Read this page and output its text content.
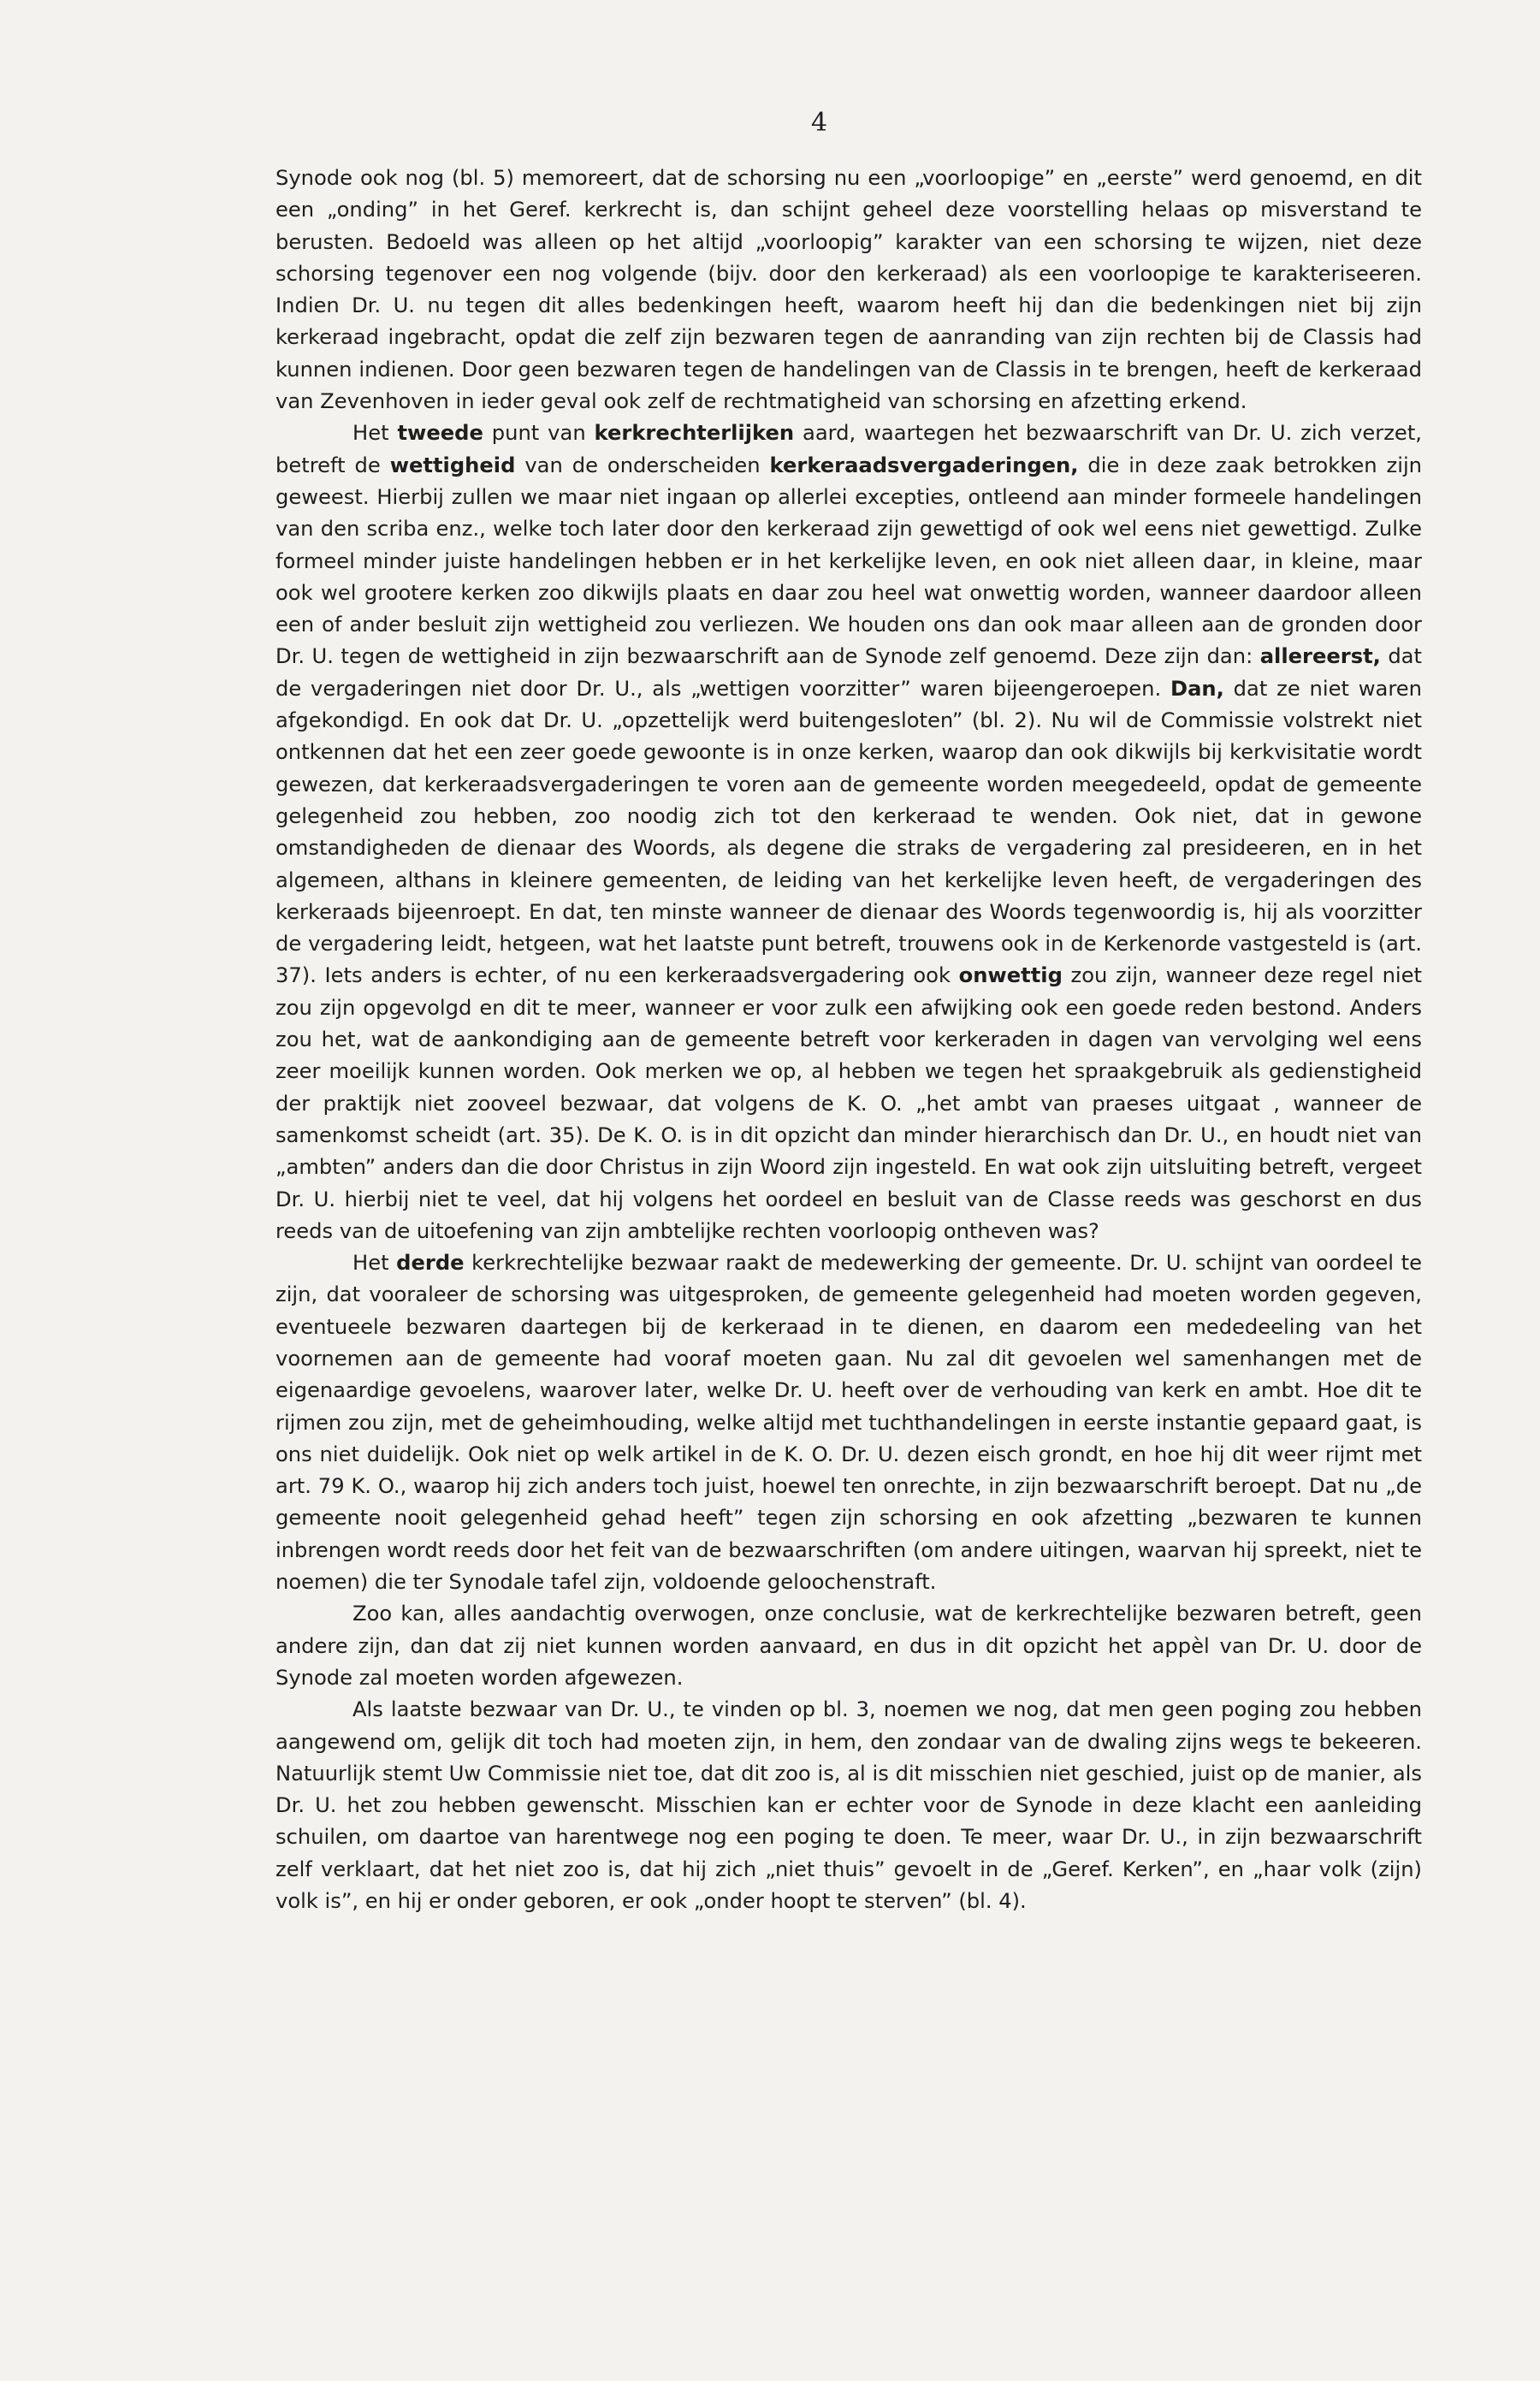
4

Synode ook nog (bl. 5) memoreert, dat de schorsing nu een „voorloopige” en „eerste” werd genoemd, en dit een „onding” in het Geref. kerkrecht is, dan schijnt geheel deze voorstelling helaas op misverstand te berusten. Bedoeld was alleen op het altijd „voorloopig” karakter van een schorsing te wijzen, niet deze schorsing tegenover een nog volgende (bijv. door den kerkeraad) als een voorloopige te karakteriseeren. Indien Dr. U. nu tegen dit alles bedenkingen heeft, waarom heeft hij dan die bedenkingen niet bij zijn kerkeraad ingebracht, opdat die zelf zijn bezwaren tegen de aanranding van zijn rechten bij de Classis had kunnen indienen. Door geen bezwaren tegen de handelingen van de Classis in te brengen, heeft de kerkeraad van Zevenhoven in ieder geval ook zelf de rechtmatigheid van schorsing en afzetting erkend.

Het tweede punt van kerkrechterlijken aard, waartegen het bezwaarschrift van Dr. U. zich verzet, betreft de wettigheid van de onderscheiden kerkeraadsvergaderingen, die in deze zaak betrokken zijn geweest. Hierbij zullen we maar niet ingaan op allerlei excepties, ontleend aan minder formeele handelingen van den scriba enz., welke toch later door den kerkeraad zijn gewettigd of ook wel eens niet gewettigd. Zulke formeel minder juiste handelingen hebben er in het kerkelijke leven, en ook niet alleen daar, in kleine, maar ook wel grootere kerken zoo dikwijls plaats en daar zou heel wat onwettig worden, wanneer daardoor alleen een of ander besluit zijn wettigheid zou verliezen. We houden ons dan ook maar alleen aan de gronden door Dr. U. tegen de wettigheid in zijn bezwaarschrift aan de Synode zelf genoemd. Deze zijn dan: allereerst, dat de vergaderingen niet door Dr. U., als „wettigen voorzitter” waren bijeengeroepen. Dan, dat ze niet waren afgekondigd. En ook dat Dr. U. „opzettelijk werd buitengesloten” (bl. 2). Nu wil de Commissie volstrekt niet ontkennen dat het een zeer goede gewoonte is in onze kerken, waarop dan ook dikwijls bij kerkvisitatie wordt gewezen, dat kerkeraadsvergaderingen te voren aan de gemeente worden meegedeeld, opdat de gemeente gelegenheid zou hebben, zoo noodig zich tot den kerkeraad te wenden. Ook niet, dat in gewone omstandigheden de dienaar des Woords, als degene die straks de vergadering zal presideeren, en in het algemeen, althans in kleinere gemeenten, de leiding van het kerkelijke leven heeft, de vergaderingen des kerkeraads bijeenroept. En dat, ten minste wanneer de dienaar des Woords tegenwoordig is, hij als voorzitter de vergadering leidt, hetgeen, wat het laatste punt betreft, trouwens ook in de Kerkenorde vastgesteld is (art. 37). Iets anders is echter, of nu een kerkeraadsvergadering ook onwettig zou zijn, wanneer deze regel niet zou zijn opgevolgd en dit te meer, wanneer er voor zulk een afwijking ook een goede reden bestond. Anders zou het, wat de aankondiging aan de gemeente betreft voor kerkeraden in dagen van vervolging wel eens zeer moeilijk kunnen worden. Ook merken we op, al hebben we tegen het spraakgebruik als gedienstigheid der praktijk niet zooveel bezwaar, dat volgens de K. O. „het ambt van praeses uitgaat , wanneer de samenkomst scheidt (art. 35). De K. O. is in dit opzicht dan minder hierarchisch dan Dr. U., en houdt niet van „ambten” anders dan die door Christus in zijn Woord zijn ingesteld. En wat ook zijn uitsluiting betreft, vergeet Dr. U. hierbij niet te veel, dat hij volgens het oordeel en besluit van de Classe reeds was geschorst en dus reeds van de uitoefening van zijn ambtelijke rechten voorloopig ontheven was?

Het derde kerkrechtelijke bezwaar raakt de medewerking der gemeente. Dr. U. schijnt van oordeel te zijn, dat vooraleer de schorsing was uitgesproken, de gemeente gelegenheid had moeten worden gegeven, eventueele bezwaren daartegen bij de kerkeraad in te dienen, en daarom een mededeeling van het voornemen aan de gemeente had vooraf moeten gaan. Nu zal dit gevoelen wel samenhangen met de eigenaardige gevoelens, waarover later, welke Dr. U. heeft over de verhouding van kerk en ambt. Hoe dit te rijmen zou zijn, met de geheimhouding, welke altijd met tuchthandelingen in eerste instantie gepaard gaat, is ons niet duidelijk. Ook niet op welk artikel in de K. O. Dr. U. dezen eisch grondt, en hoe hij dit weer rijmt met art. 79 K. O., waarop hij zich anders toch juist, hoewel ten onrechte, in zijn bezwaarschrift beroept. Dat nu „de gemeente nooit gelegenheid gehad heeft” tegen zijn schorsing en ook afzetting „bezwaren te kunnen inbrengen wordt reeds door het feit van de bezwaarschriften (om andere uitingen, waarvan hij spreekt, niet te noemen) die ter Synodale tafel zijn, voldoende geloochenstraft.

Zoo kan, alles aandachtig overwogen, onze conclusie, wat de kerkrechtelijke bezwaren betreft, geen andere zijn, dan dat zij niet kunnen worden aanvaard, en dus in dit opzicht het appèl van Dr. U. door de Synode zal moeten worden afgewezen.

Als laatste bezwaar van Dr. U., te vinden op bl. 3, noemen we nog, dat men geen poging zou hebben aangewend om, gelijk dit toch had moeten zijn, in hem, den zondaar van de dwaling zijns wegs te bekeeren. Natuurlijk stemt Uw Commissie niet toe, dat dit zoo is, al is dit misschien niet geschied, juist op de manier, als Dr. U. het zou hebben gewenscht. Misschien kan er echter voor de Synode in deze klacht een aanleiding schuilen, om daartoe van harentwege nog een poging te doen. Te meer, waar Dr. U., in zijn bezwaarschrift zelf verklaart, dat het niet zoo is, dat hij zich „niet thuis” gevoelt in de „Geref. Kerken”, en „haar volk (zijn) volk is”, en hij er onder geboren, er ook „onder hoopt te sterven” (bl. 4).
